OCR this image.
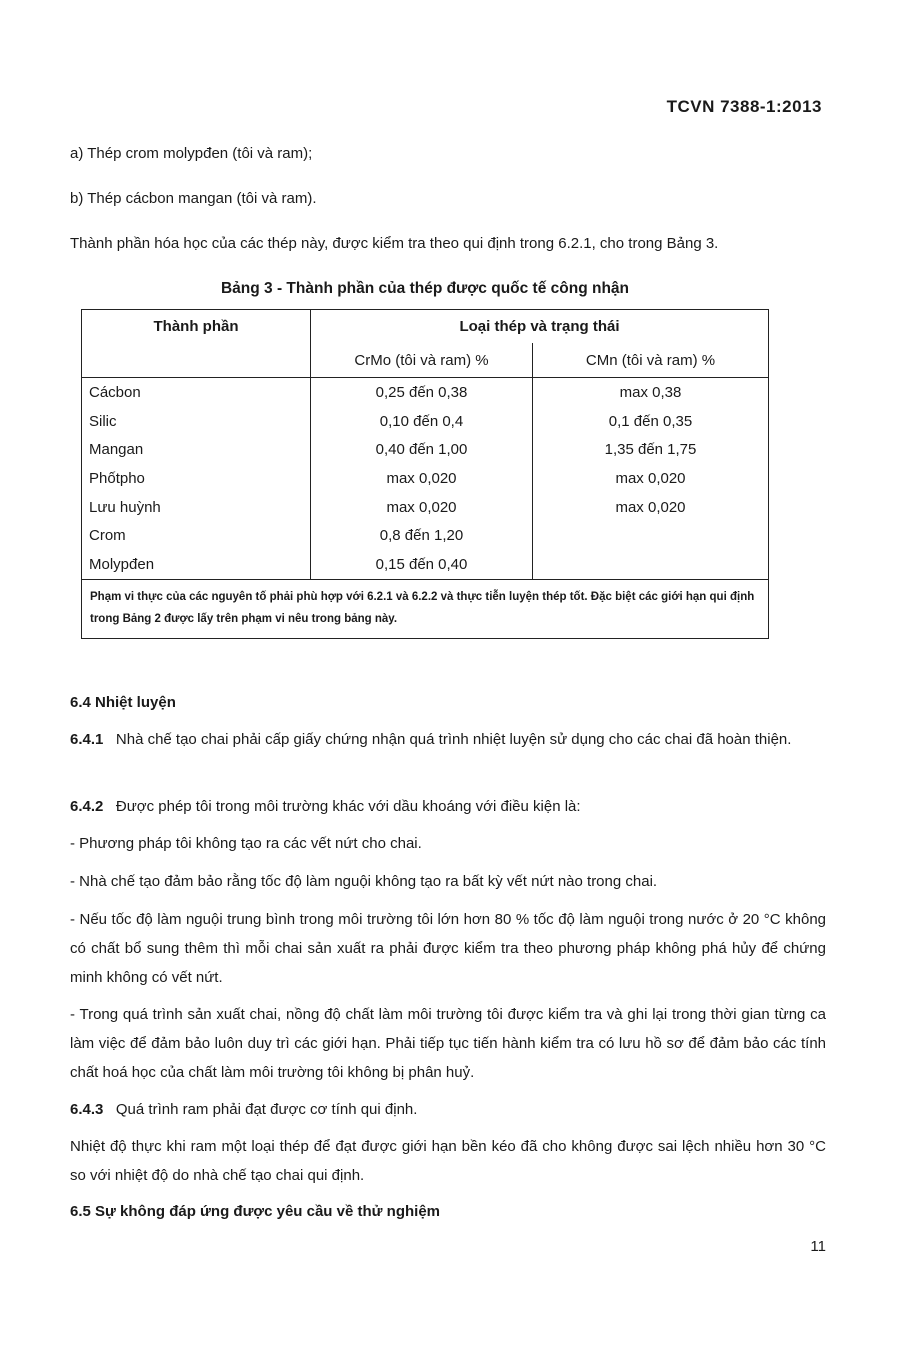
TCVN 7388-1:2013
a) Thép crom molypđen (tôi và ram);
b) Thép cácbon mangan (tôi và ram).
Thành phần hóa học của các thép này, được kiểm tra theo qui định trong 6.2.1, cho trong Bảng 3.
Bảng 3 - Thành phần của thép được quốc tế công nhận
Thành phần	Loại thép và trạng thái	
	CrMo (tôi và ram) %	CMn (tôi và ram) %
Cácbon	0,25 đến 0,38	max 0,38
Silic	0,10 đến 0,4	0,1 đến 0,35
Mangan	0,40 đến 1,00	1,35 đến 1,75
Phốtpho	max 0,020	max 0,020
Lưu huỳnh	max 0,020	max 0,020
Crom	0,8 đến 1,20	
Molypđen	0,15 đến 0,40	
Phạm vi thực của các nguyên tố phải phù hợp với 6.2.1 và 6.2.2 và thực tiễn luyện thép tốt. Đặc biệt các giới hạn qui định trong Bảng 2 được lấy trên phạm vi nêu trong bảng này.		
6.4 Nhiệt luyện
6.4.1 Nhà chế tạo chai phải cấp giấy chứng nhận quá trình nhiệt luyện sử dụng cho các chai đã hoàn thiện.
6.4.2 Được phép tôi trong môi trường khác với dầu khoáng với điều kiện là:
- Phương pháp tôi không tạo ra các vết nứt cho chai.
- Nhà chế tạo đảm bảo rằng tốc độ làm nguội không tạo ra bất kỳ vết nứt nào trong chai.
- Nếu tốc độ làm nguội trung bình trong môi trường tôi lớn hơn 80 % tốc độ làm nguội trong nước ở 20 °C không có chất bổ sung thêm thì mỗi chai sản xuất ra phải được kiểm tra theo phương pháp không phá hủy để chứng minh không có vết nứt.
- Trong quá trình sản xuất chai, nồng độ chất làm môi trường tôi được kiểm tra và ghi lại trong thời gian từng ca làm việc để đảm bảo luôn duy trì các giới hạn. Phải tiếp tục tiến hành kiểm tra có lưu hồ sơ để đảm bảo các tính chất hoá học của chất làm môi trường tôi không bị phân huỷ.
6.4.3 Quá trình ram phải đạt được cơ tính qui định.
Nhiệt độ thực khi ram một loại thép để đạt được giới hạn bền kéo đã cho không được sai lệch nhiều hơn 30 °C so với nhiệt độ do nhà chế tạo chai qui định.
6.5 Sự không đáp ứng được yêu cầu về thử nghiệm
11
